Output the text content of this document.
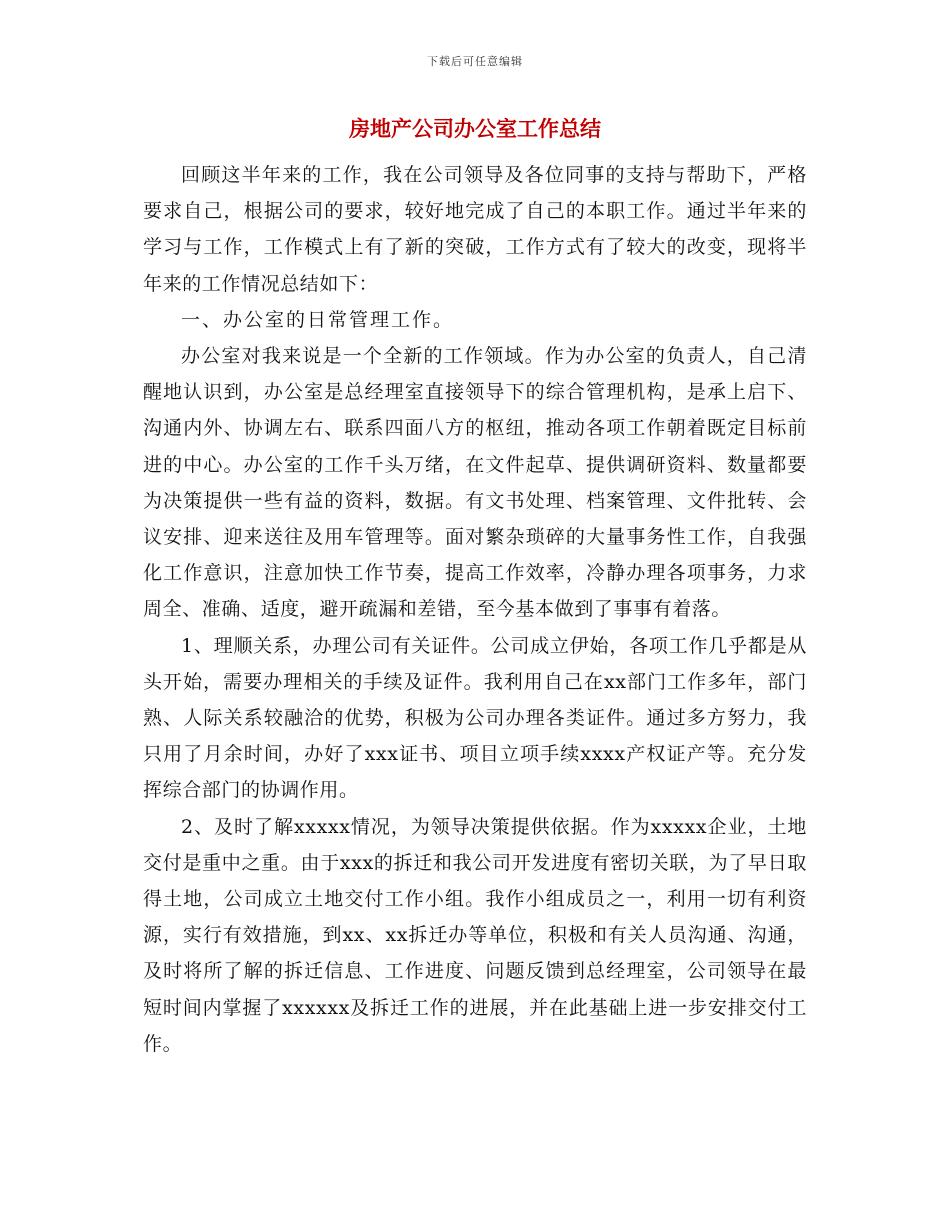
下载后可任意编辑
房地产公司办公室工作总结

回顾这半年来的工作，我在公司领导及各位同事的支持与帮助下，严格要求自己，根据公司的要求，较好地完成了自己的本职工作。通过半年来的学习与工作，工作模式上有了新的突破，工作方式有了较大的改变，现将半年来的工作情况总结如下：

一、办公室的日常管理工作。

办公室对我来说是一个全新的工作领域。作为办公室的负责人，自己清醒地认识到，办公室是总经理室直接领导下的综合管理机构，是承上启下、沟通内外、协调左右、联系四面八方的枢纽，推动各项工作朝着既定目标前进的中心。办公室的工作千头万绪，在文件起草、提供调研资料、数量都要为决策提供一些有益的资料，数据。有文书处理、档案管理、文件批转、会议安排、迎来送往及用车管理等。面对繁杂琐碎的大量事务性工作，自我强化工作意识，注意加快工作节奏，提高工作效率，冷静办理各项事务，力求周全、准确、适度，避开疏漏和差错，至今基本做到了事事有着落。

1、理顺关系，办理公司有关证件。公司成立伊始，各项工作几乎都是从头开始，需要办理相关的手续及证件。我利用自己在xx部门工作多年，部门熟、人际关系较融洽的优势，积极为公司办理各类证件。通过多方努力，我只用了月余时间，办好了xxx证书、项目立项手续xxxx产权证产等。充分发挥综合部门的协调作用。

2、及时了解xxxxx情况，为领导决策提供依据。作为xxxxx企业，土地交付是重中之重。由于xxx的拆迁和我公司开发进度有密切关联，为了早日取得土地，公司成立土地交付工作小组。我作小组成员之一，利用一切有利资源，实行有效措施，到xx、xx拆迁办等单位，积极和有关人员沟通、沟通，及时将所了解的拆迁信息、工作进度、问题反馈到总经理室，公司领导在最短时间内掌握了xxxxxx及拆迁工作的进展，并在此基础上进一步安排交付工作。
